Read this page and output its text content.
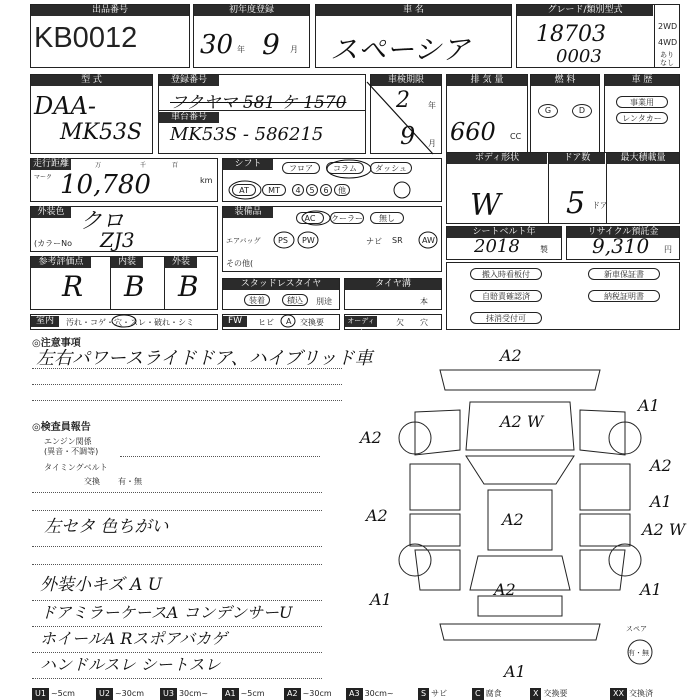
出品番号
KB0012
初年度登録
年	月
30 9
車 名
スペーシア
グレード/類別型式
2WD
4WD
あり
なし
18703
0003
型 式
DAA-
MK53S
登録番号
車台番号
フクヤマ 581 ケ 1570
MK53S - 586215
車検期限
年
月
2
9
排 気 量
CC
660
燃 料
G	D
車 歴
事業用
レンタカー
走行距離
マーク
万	千	百
km
10,780
シフト	フロア	コラム	ダッシュ
AT	MT	4	5	6	他
ボディ形状	ドア数	最大積載量
ドア
W 5
外装色
(カラーNo
クロ
ZJ3
装備品
AC	クーラー	無し
エアバッグ PS PW	ナビ SR AW
その他(
シートベルト年
製
2018
リサイクル預託金
円
9,310
参考評価点	内装	外装
R B B	スタッドレスタイヤ
装着	積込	別途
タイヤ溝
本
室内	汚れ・コゲ・穴・スレ・破れ・シミ	FW	ヒビ A 交換要	オーディオ
欠 穴
搬入時看板付	新車保証書
自賠責確認済	納税証明書
抹消受付可
◎注意事項
左右パワースライドドア、ハイブリッド車
◎検査員報告
エンジン関係
(異音・不調等)
タイミングベルト
交換 有・無
左セタ 色ちがい
外装小キズ A U
ドアミラーケースA コンデンサーU
ホイールA Rスポアバカゲ
ハンドルスレ シートスレ
スペア
有・無
A2
A1
A2
A2
A2 W
A2	A2
A1
A2 W
A1
A2	A1
A1
U1 ~5cm	U2 ~30cm	U3 30cm~	A1 ~5cm	A2 ~30cm	A3 30cm~	S サビ	C 腐食	X 交換要	XX 交換済
